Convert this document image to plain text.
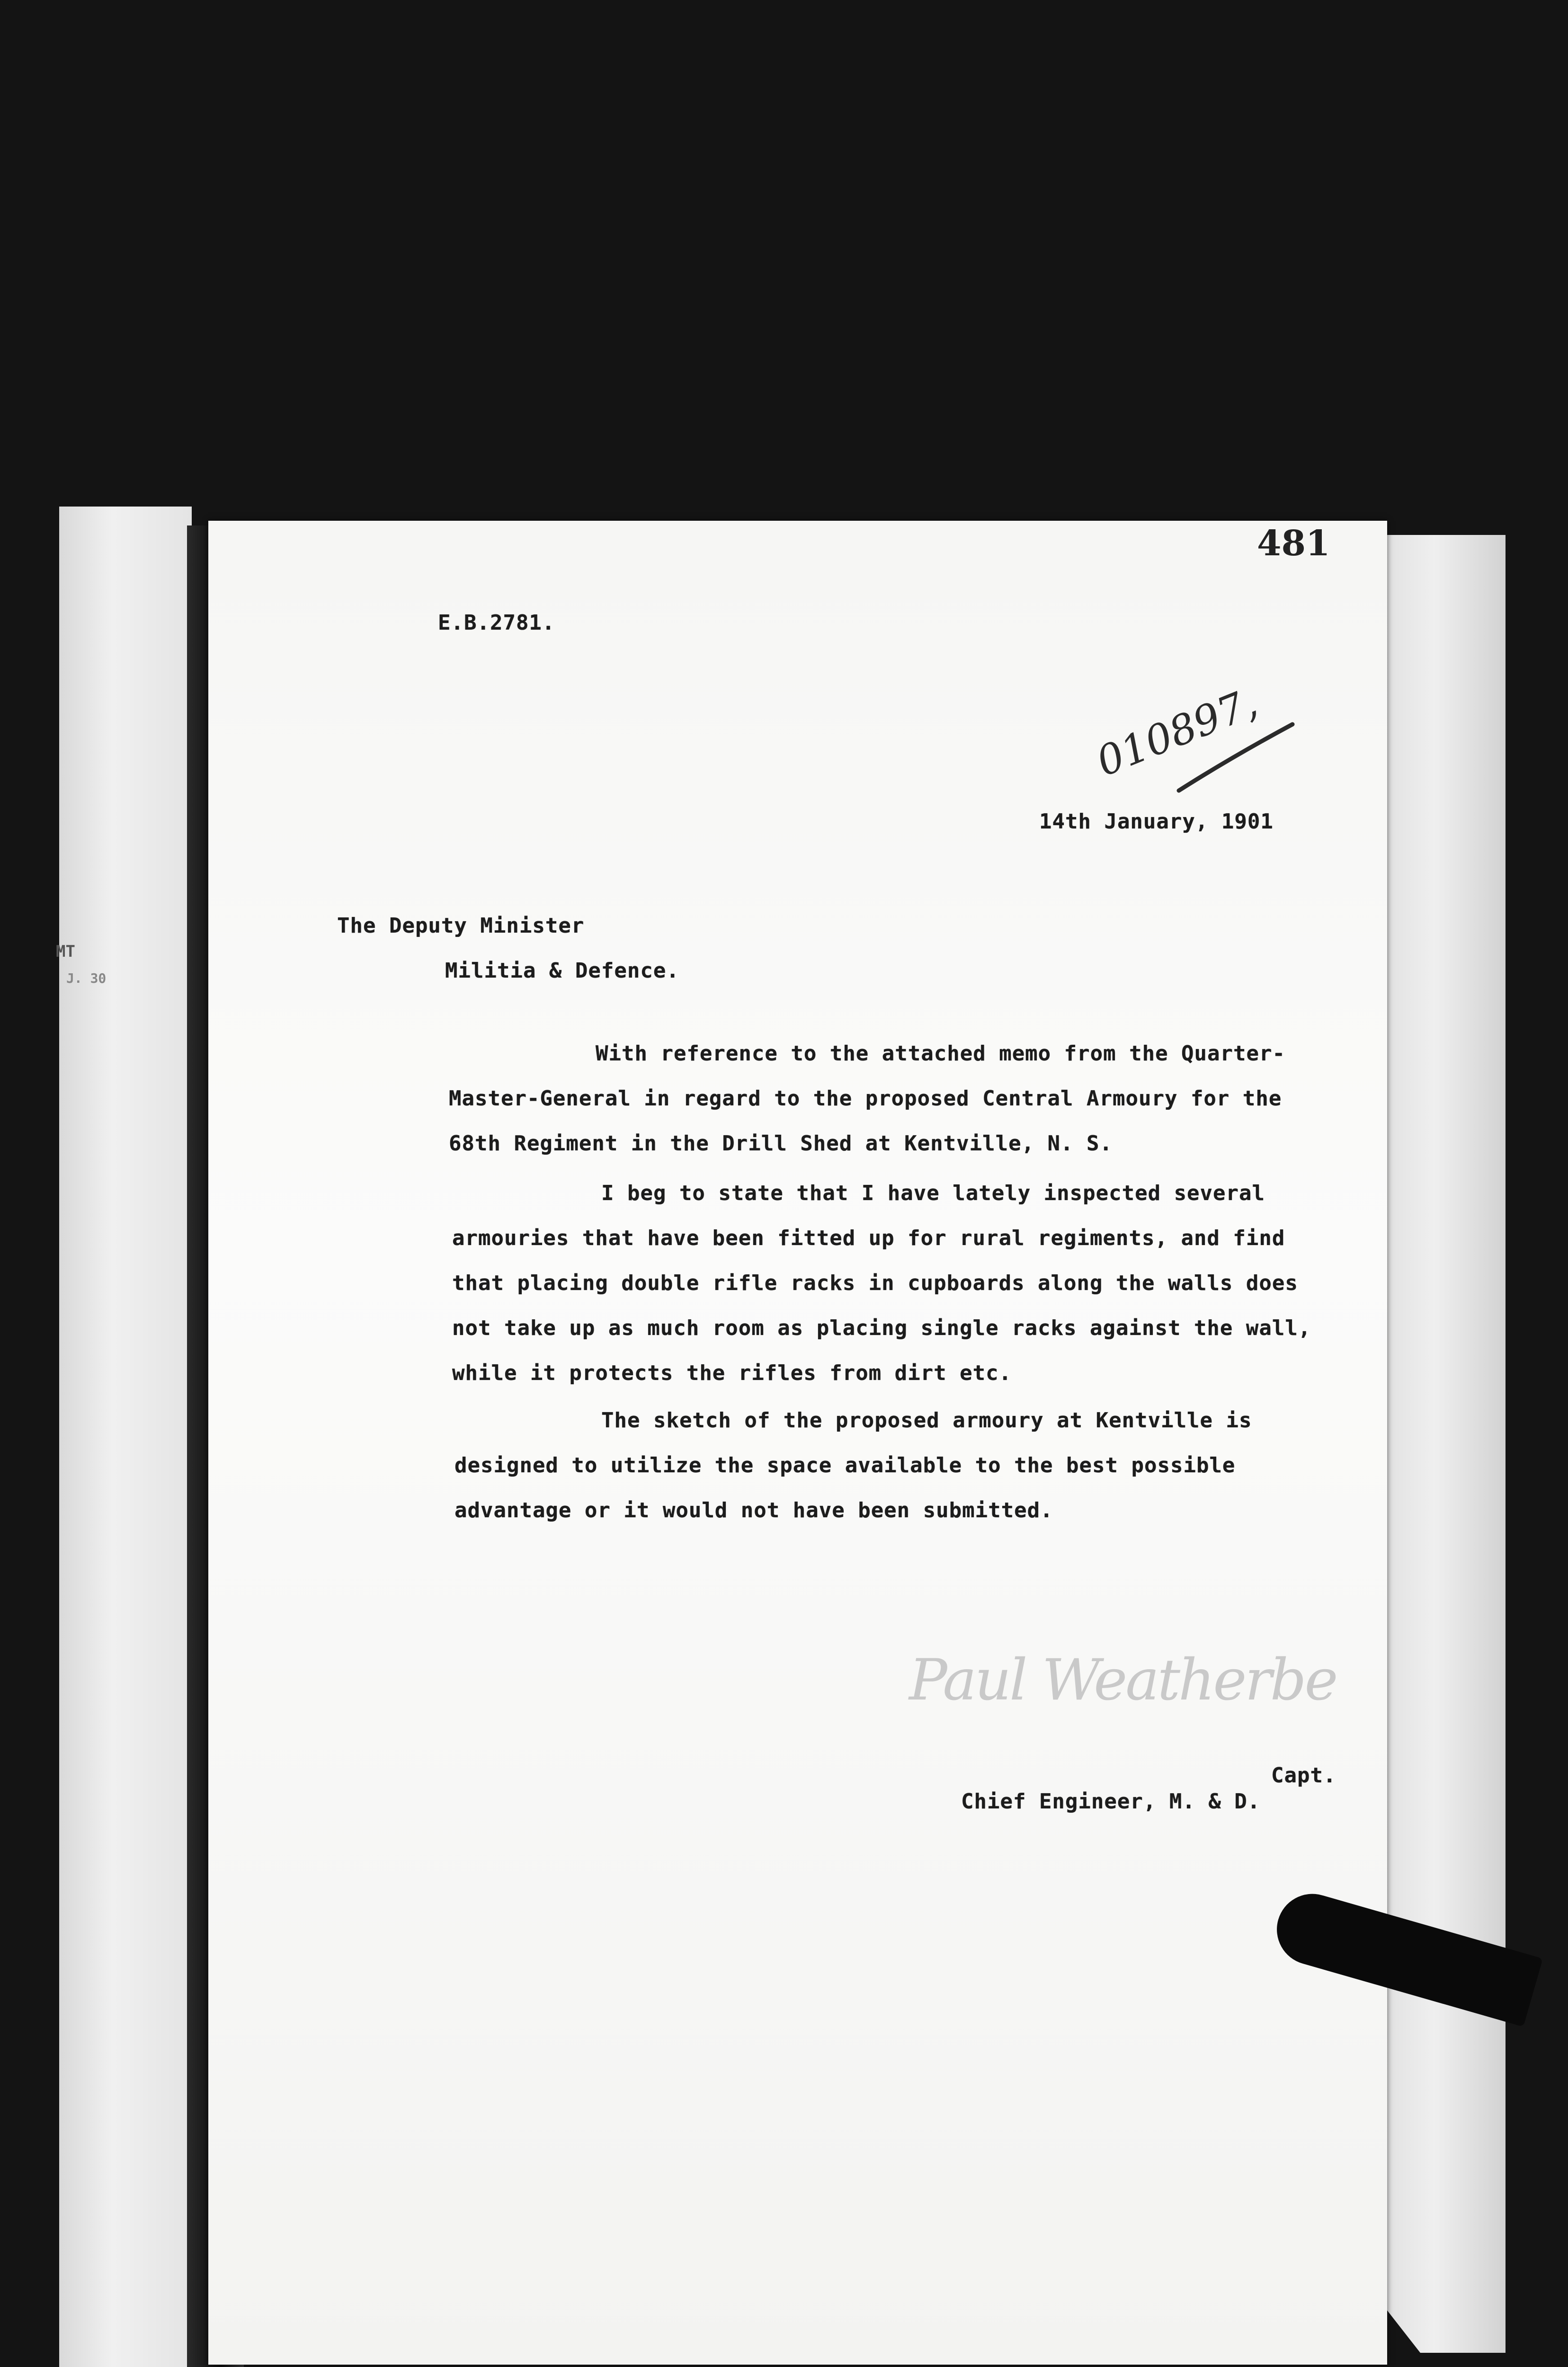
MT
J. 30
481
E.B.2781.
010897,
14th January, 1901
The Deputy Minister
Militia & Defence.
With reference to the attached memo from the Quarter-
Master-General in regard to the proposed Central Armoury for the
68th Regiment in the Drill Shed at Kentville, N. S.
I beg to state that I have lately inspected several
armouries that have been fitted up for rural regiments, and find
that placing double rifle racks in cupboards along the walls does
not take up as much room as placing single racks against the wall,
while it protects the rifles from dirt etc.
The sketch of the proposed armoury at Kentville is
designed to utilize the space available to the best possible
advantage or it would not have been submitted.
Paul Weatherbe
Capt.
Chief Engineer, M. & D.
